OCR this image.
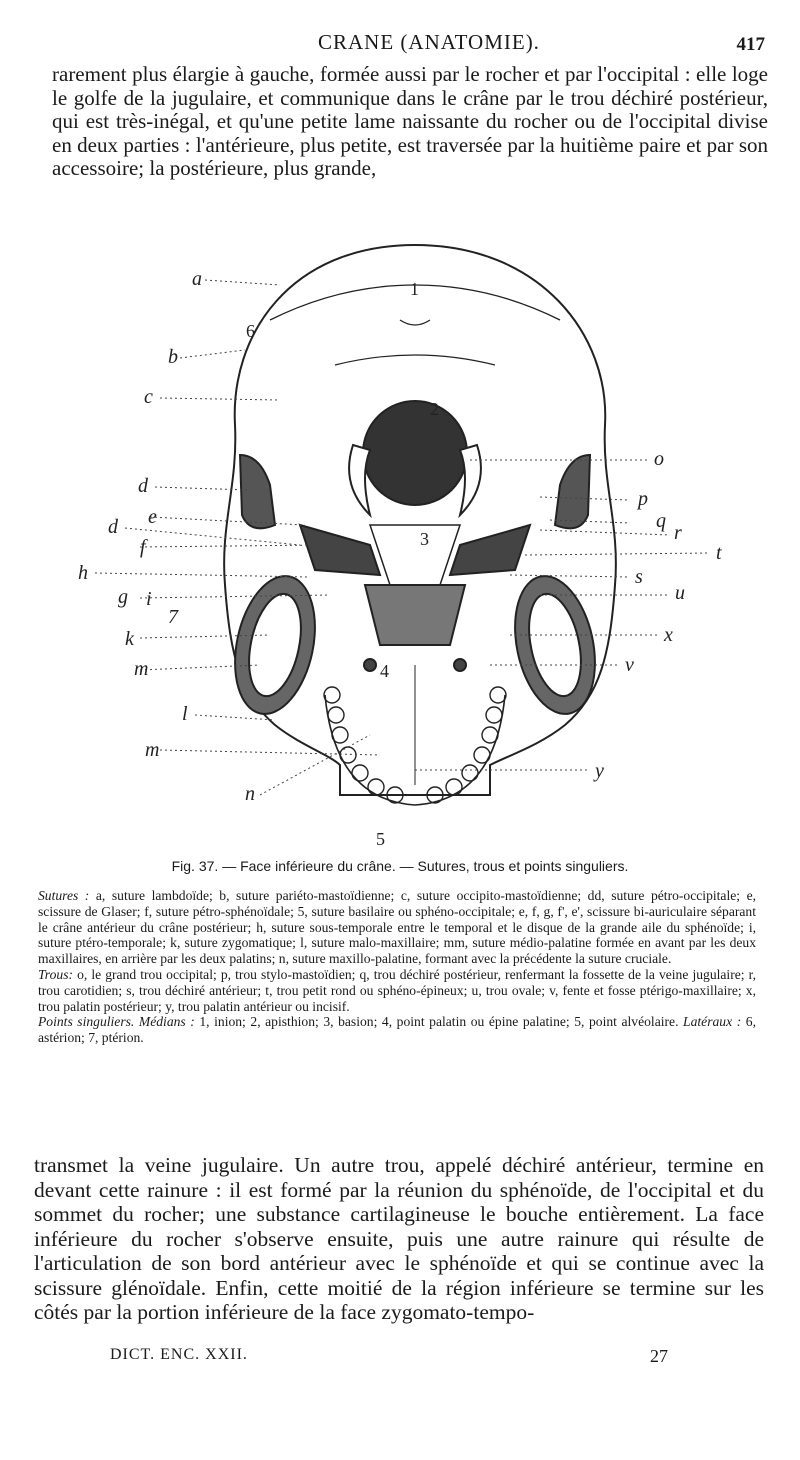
CRANE (ANATOMIE).	417
rarement plus élargie à gauche, formée aussi par le rocher et par l'occipital : elle loge le golfe de la jugulaire, et communique dans le crâne par le trou déchiré postérieur, qui est très-inégal, et qu'une petite lame naissante du rocher ou de l'occipital divise en deux parties : l'antérieure, plus petite, est traversée par la huitième paire et par son accessoire; la postérieure, plus grande,
a
b
c
d
d e
f
h
g i
7
k
m
l
m
n
o
p
q
r
t
s
u
x
v
y
1
6
2
3
4
5
Fig. 37. — Face inférieure du crâne. — Sutures, trous et points singuliers.

Sutures : a, suture lambdoïde; b, suture pariéto-mastoïdienne; c, suture occipito-mastoïdienne; dd, suture pétro-occipitale; e, scissure de Glaser; f, suture pétro-sphénoïdale; 5, suture basilaire ou sphéno-occipitale; e, f, g, f', e', scissure bi-auriculaire séparant le crâne antérieur du crâne postérieur; h, suture sous-temporale entre le temporal et le disque de la grande aile du sphénoïde; i, suture ptéro-temporale; k, suture zygomatique; l, suture malo-maxillaire; mm, suture médio-palatine formée en avant par les deux maxillaires, en arrière par les deux palatins; n, suture maxillo-palatine, formant avec la précédente la suture cruciale.

Trous: o, le grand trou occipital; p, trou stylo-mastoïdien; q, trou déchiré postérieur, renfermant la fossette de la veine jugulaire; r, trou carotidien; s, trou déchiré antérieur; t, trou petit rond ou sphéno-épineux; u, trou ovale; v, fente et fosse ptérigo-maxillaire; x, trou palatin postérieur; y, trou palatin antérieur ou incisif.

Points singuliers. Médians : 1, inion; 2, apisthion; 3, basion; 4, point palatin ou épine palatine; 5, point alvéolaire. Latéraux : 6, astérion; 7, ptérion.

transmet la veine jugulaire. Un autre trou, appelé déchiré antérieur, termine en devant cette rainure : il est formé par la réunion du sphénoïde, de l'occipital et du sommet du rocher; une substance cartilagineuse le bouche entièrement. La face inférieure du rocher s'observe ensuite, puis une autre rainure qui résulte de l'articulation de son bord antérieur avec le sphénoïde et qui se continue avec la scissure glénoïdale. Enfin, cette moitié de la région inférieure se termine sur les côtés par la portion inférieure de la face zygomato-tempo-
DICT. ENC. XXII.	27
